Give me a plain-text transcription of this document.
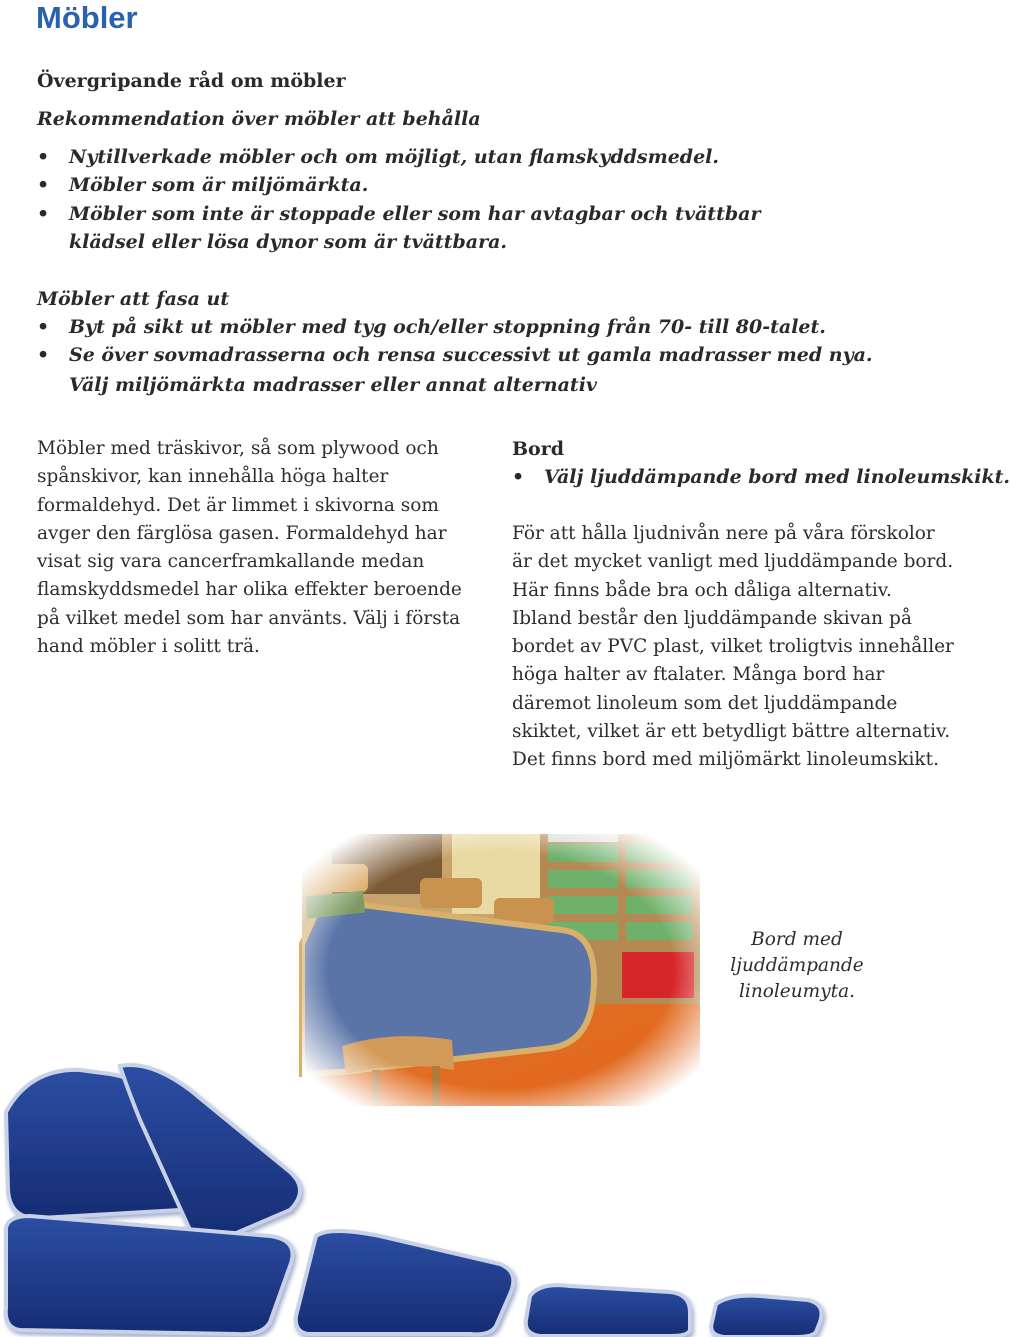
Möbler
Övergripande råd om möbler
Rekommendation över möbler att behålla
• Nytillverkade möbler och om möjligt, utan flamskyddsmedel.
• Möbler som är miljömärkta.
• Möbler som inte är stoppade eller som har avtagbar och tvättbar klädsel eller lösa dynor som är tvättbara.
Möbler att fasa ut
• Byt på sikt ut möbler med tyg och/eller stoppning från 70- till 80-talet.
• Se över sovmadrasserna och rensa successivt ut gamla madrasser med nya.
Välj miljömärkta madrasser eller annat alternativ

Möbler med träskivor, så som plywood och spånskivor, kan innehålla höga halter formaldehyd. Det är limmet i skivorna som avger den färglösa gasen. Formaldehyd har visat sig vara cancerframkallande medan flamskyddsmedel har olika effekter beroende på vilket medel som har använts. Välj i första hand möbler i solitt trä.

Bord
• Välj ljuddämpande bord med linoleumskikt.

För att hålla ljudnivån nere på våra förskolor är det mycket vanligt med ljuddämpande bord. Här finns både bra och dåliga alternativ. Ibland består den ljuddämpande skivan på bordet av PVC plast, vilket troligtvis innehåller höga halter av ftalater. Många bord har däremot linoleum som det ljuddämpande skiktet, vilket är ett betydligt bättre alternativ. Det finns bord med miljömärkt linoleumskikt.

Bord med ljuddämpande linoleumyta.
